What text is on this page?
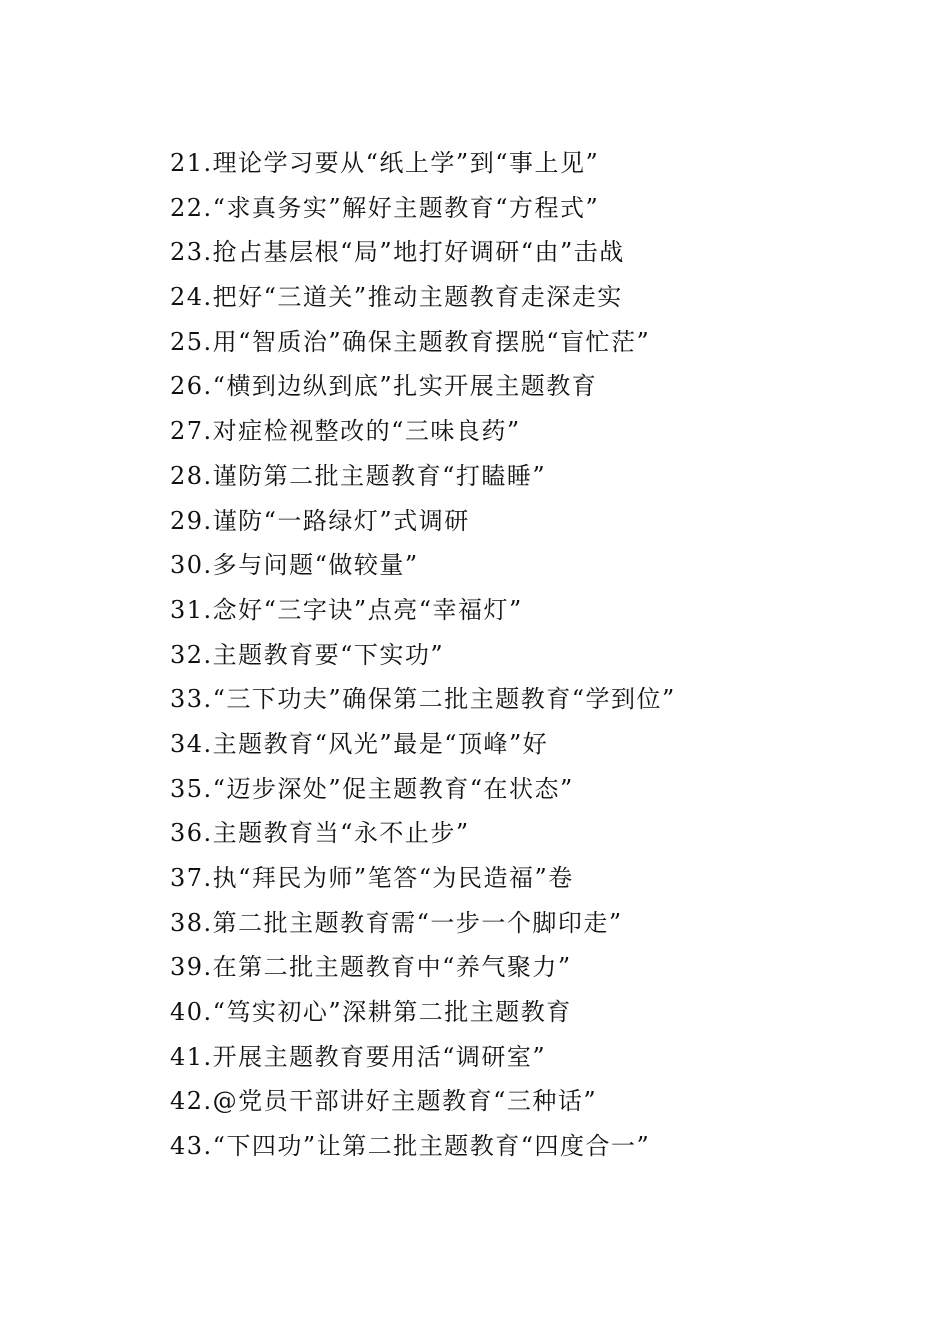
21.理论学习要从“纸上学”到“事上见”
22.“求真务实”解好主题教育“方程式”
23.抢占基层根“局”地打好调研“由”击战
24.把好“三道关”推动主题教育走深走实
25.用“智质治”确保主题教育摆脱“盲忙茫”
26.“横到边纵到底”扎实开展主题教育
27.对症检视整改的“三味良药”
28.谨防第二批主题教育“打瞌睡”
29.谨防“一路绿灯”式调研
30.多与问题“做较量”
31.念好“三字诀”点亮“幸福灯”
32.主题教育要“下实功”
33.“三下功夫”确保第二批主题教育“学到位”
34.主题教育“风光”最是“顶峰”好
35.“迈步深处”促主题教育“在状态”
36.主题教育当“永不止步”
37.执“拜民为师”笔答“为民造福”卷
38.第二批主题教育需“一步一个脚印走”
39.在第二批主题教育中“养气聚力”
40.“笃实初心”深耕第二批主题教育
41.开展主题教育要用活“调研室”
42.@党员干部讲好主题教育“三种话”
43.“下四功”让第二批主题教育“四度合一”
